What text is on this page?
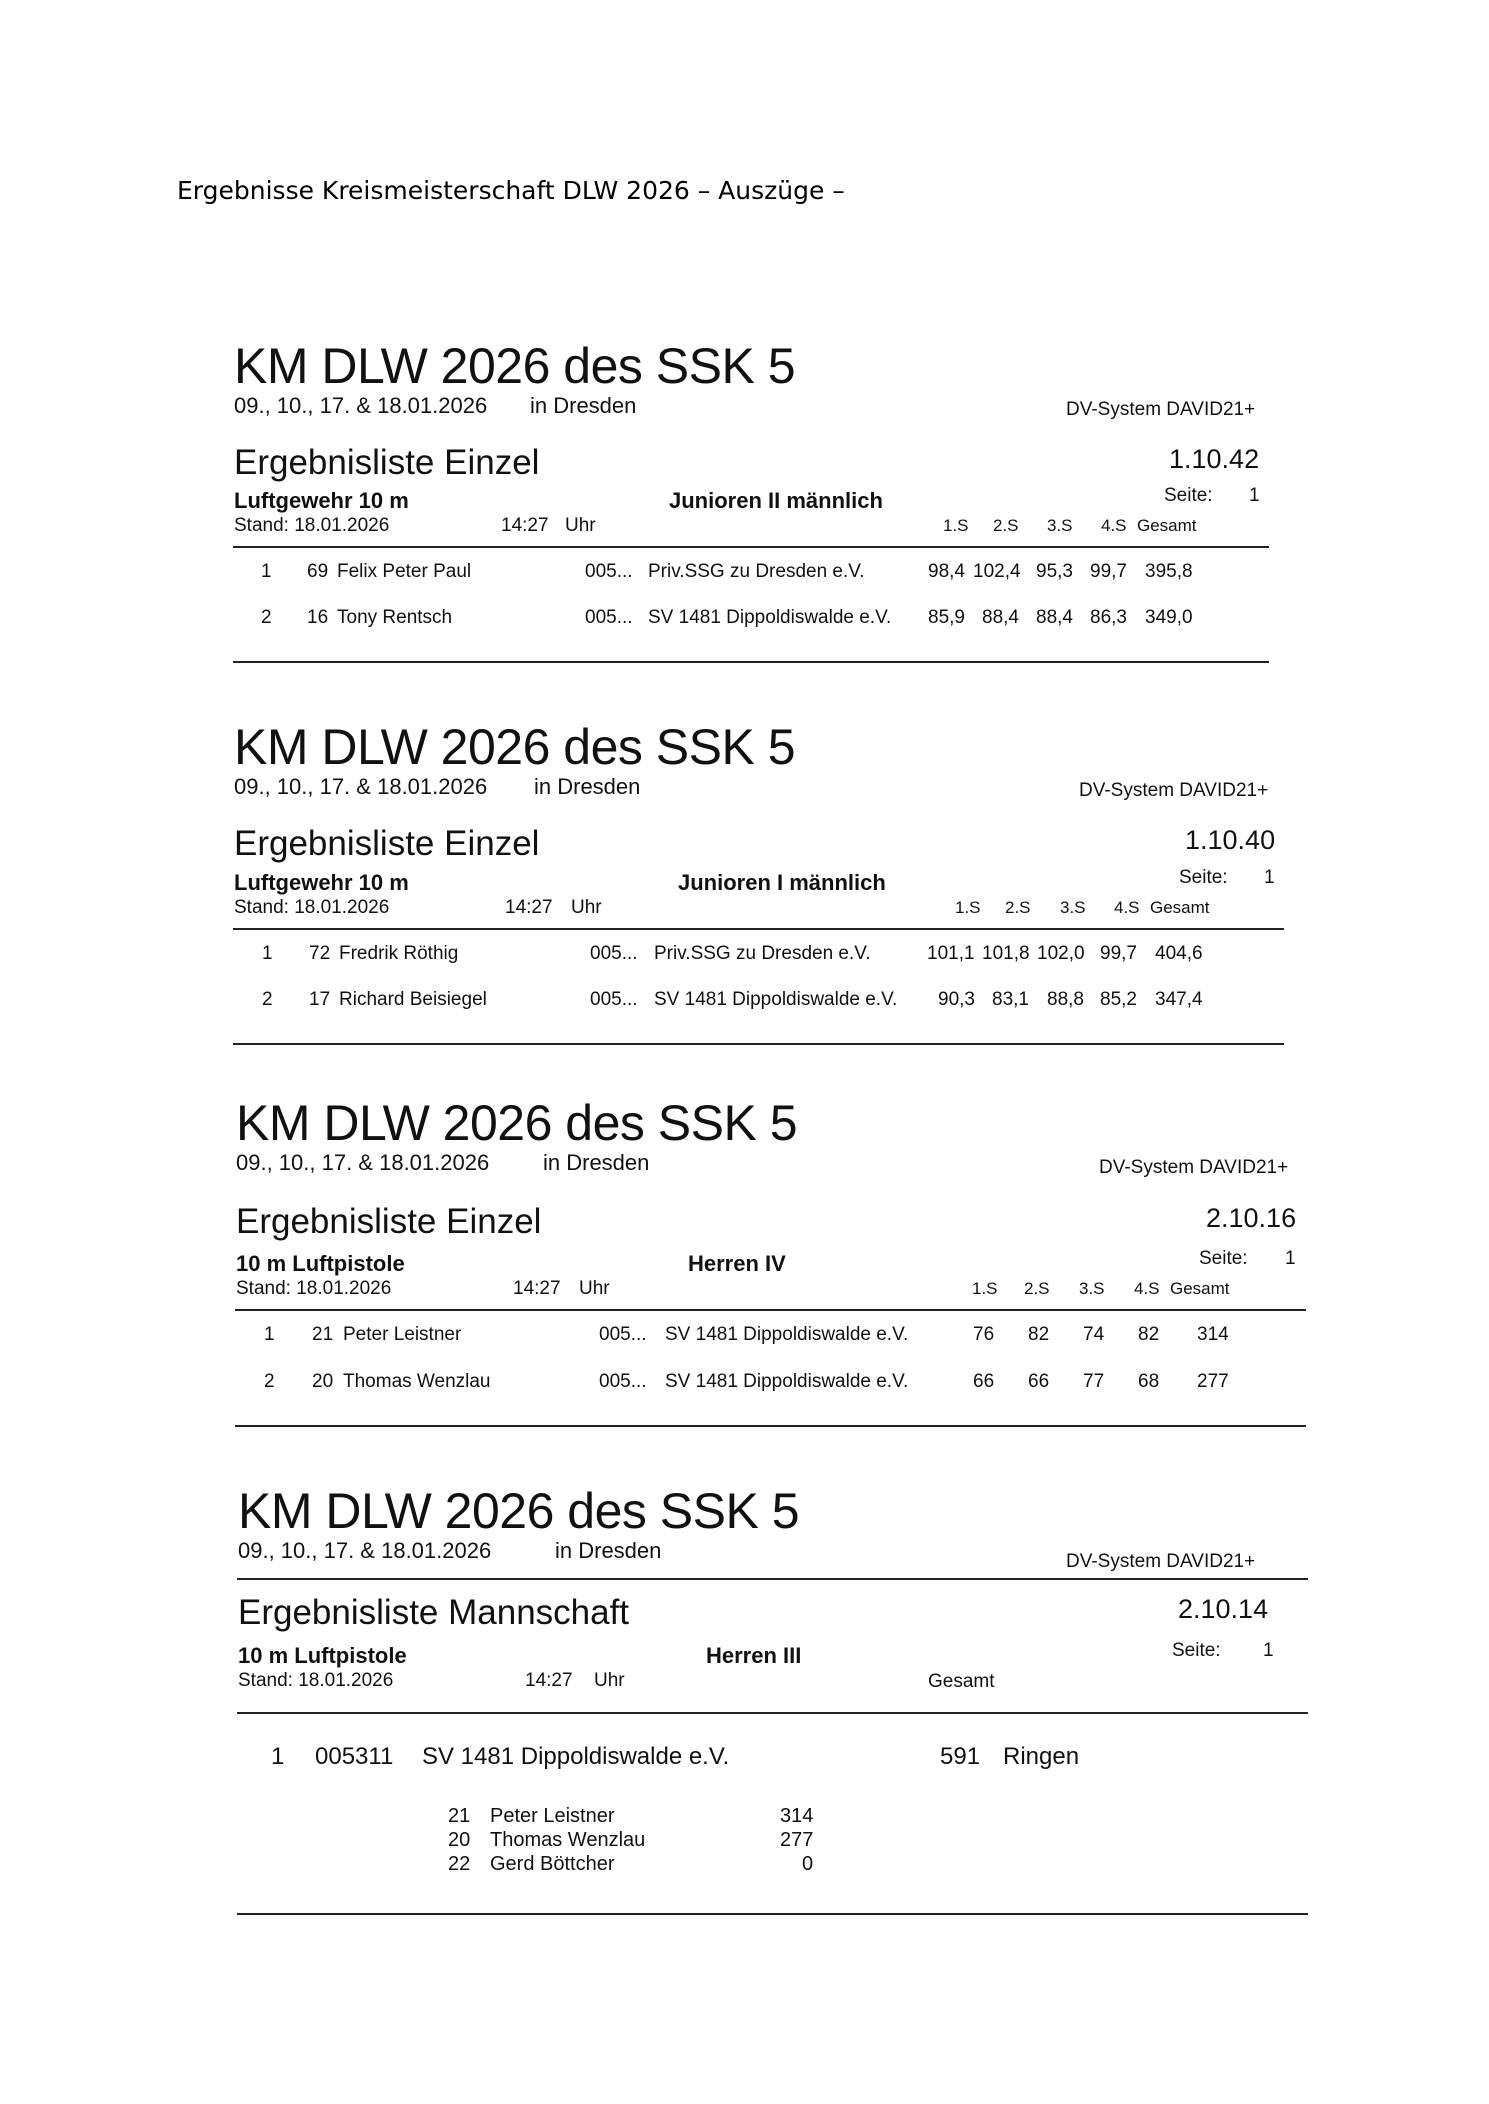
Ergebnisse Kreismeisterschaft DLW 2026 – Auszüge –
KM DLW 2026 des SSK 5
09., 10., 17. & 18.01.2026 in Dresden	DV-System DAVID21+
Ergebnisliste Einzel	1.10.42
Luftgewehr 10 m	Junioren II männlich	Seite: 1
Stand: 18.01.2026	14:27 Uhr	1.S 2.S 3.S 4.S Gesamt
1 69 Felix Peter Paul	005... Priv.SSG zu Dresden e.V.	98,4 102,4 95,3 99,7 395,8
2 16 Tony Rentsch	005... SV 1481 Dippoldiswalde e.V. 85,9 88,4 88,4 86,3 349,0
KM DLW 2026 des SSK 5
09., 10., 17. & 18.01.2026 in Dresden	DV-System DAVID21+
Ergebnisliste Einzel	1.10.40
Luftgewehr 10 m	Junioren I männlich	Seite: 1
Stand: 18.01.2026	14:27 Uhr	1.S 2.S 3.S 4.S Gesamt
1 72 Fredrik Röthig	005... Priv.SSG zu Dresden e.V.	101,1 101,8 102,0 99,7 404,6
2 17 Richard Beisiegel	005... SV 1481 Dippoldiswalde e.V. 90,3 83,1 88,8 85,2 347,4
KM DLW 2026 des SSK 5
09., 10., 17. & 18.01.2026 in Dresden	DV-System DAVID21+
Ergebnisliste Einzel	2.10.16
10 m Luftpistole	Herren IV	Seite: 1
Stand: 18.01.2026	14:27 Uhr	1.S 2.S 3.S 4.S Gesamt
1 21 Peter Leistner	005... SV 1481 Dippoldiswalde e.V.	76 82 74 82 314
2 20 Thomas Wenzlau	005... SV 1481 Dippoldiswalde e.V.	66 66 77 68 277
KM DLW 2026 des SSK 5
09., 10., 17. & 18.01.2026	in Dresden	DV-System DAVID21+
Ergebnisliste Mannschaft	2.10.14
10 m Luftpistole	Herren III	Seite: 1
Stand: 18.01.2026	14:27 Uhr	Gesamt
1 005311 SV 1481 Dippoldiswalde e.V.	591 Ringen
21 Peter Leistner	314
20 Thomas Wenzlau	277
22 Gerd Böttcher	0
